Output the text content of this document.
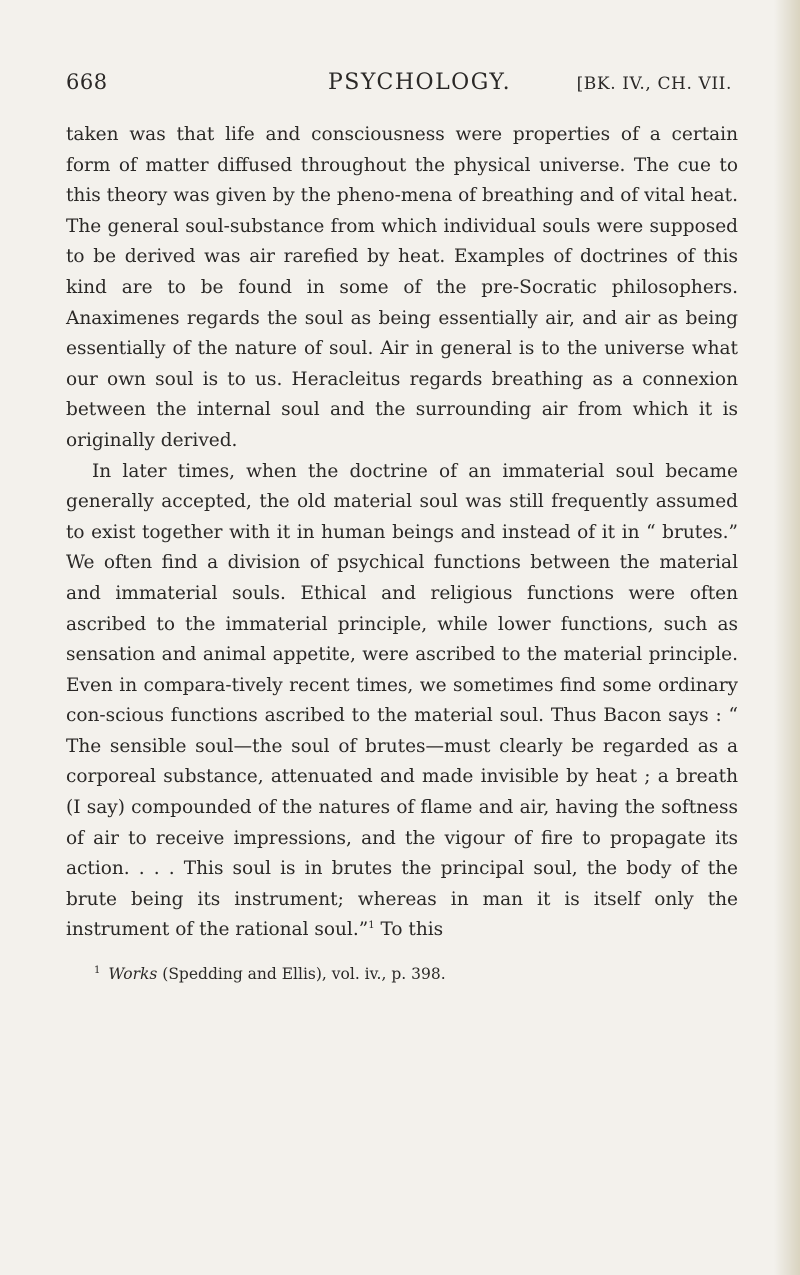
668	PSYCHOLOGY.	[BK. IV., CH. VII.

taken was that life and consciousness were properties of a certain form of matter diffused throughout the physical universe. The cue to this theory was given by the pheno-mena of breathing and of vital heat. The general soul-substance from which individual souls were supposed to be derived was air rarefied by heat. Examples of doctrines of this kind are to be found in some of the pre-Socratic philosophers. Anaximenes regards the soul as being essentially air, and air as being essentially of the nature of soul. Air in general is to the universe what our own soul is to us. Heracleitus regards breathing as a connexion between the internal soul and the surrounding air from which it is originally derived.

In later times, when the doctrine of an immaterial soul became generally accepted, the old material soul was still frequently assumed to exist together with it in human beings and instead of it in “ brutes.” We often find a division of psychical functions between the material and immaterial souls. Ethical and religious functions were often ascribed to the immaterial principle, while lower functions, such as sensation and animal appetite, were ascribed to the material principle. Even in compara-tively recent times, we sometimes find some ordinary con-scious functions ascribed to the material soul. Thus Bacon says : “ The sensible soul—the soul of brutes—must clearly be regarded as a corporeal substance, attenuated and made invisible by heat ; a breath (I say) compounded of the natures of flame and air, having the softness of air to receive impressions, and the vigour of fire to propagate its action. . . . This soul is in brutes the principal soul, the body of the brute being its instrument; whereas in man it is itself only the instrument of the rational soul.”$^1$ To this

$^1$ Works (Spedding and Ellis), vol. iv., p. 398.
